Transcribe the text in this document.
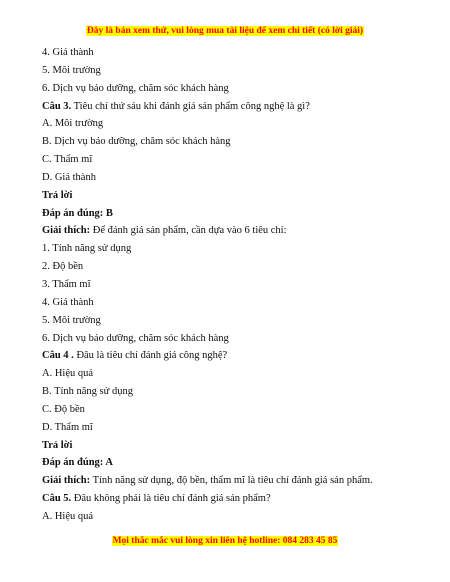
Đây là bản xem thử, vui lòng mua tài liệu để xem chi tiết (có lời giải)
4. Giá thành
5. Môi trường
6. Dịch vụ bảo dưỡng, chăm sóc khách hàng
Câu 3. Tiêu chí thứ sáu khi đánh giá sản phẩm công nghệ là gì?
A. Môi trường
B. Dịch vụ bảo dưỡng, chăm sóc khách hàng
C. Thẩm mĩ
D. Giá thành
Trả lời
Đáp án đúng: B
Giải thích: Để đánh giá sản phẩm, cần dựa vào 6 tiêu chí:
1. Tính năng sử dụng
2. Độ bền
3. Thẩm mĩ
4. Giá thành
5. Môi trường
6. Dịch vụ bảo dưỡng, chăm sóc khách hàng
Câu 4 . Đâu là tiêu chí đánh giá công nghệ?
A. Hiệu quả
B. Tính năng sử dụng
C. Độ bền
D. Thẩm mĩ
Trả lời
Đáp án đúng: A
Giải thích: Tính năng sử dụng, độ bền, thẩm mĩ là tiêu chí đánh giá sản phẩm.
Câu 5. Đâu không phải là tiêu chí đánh giá sản phẩm?
A. Hiệu quả
Mọi thắc mắc vui lòng xin liên hệ hotline: 084 283 45 85
